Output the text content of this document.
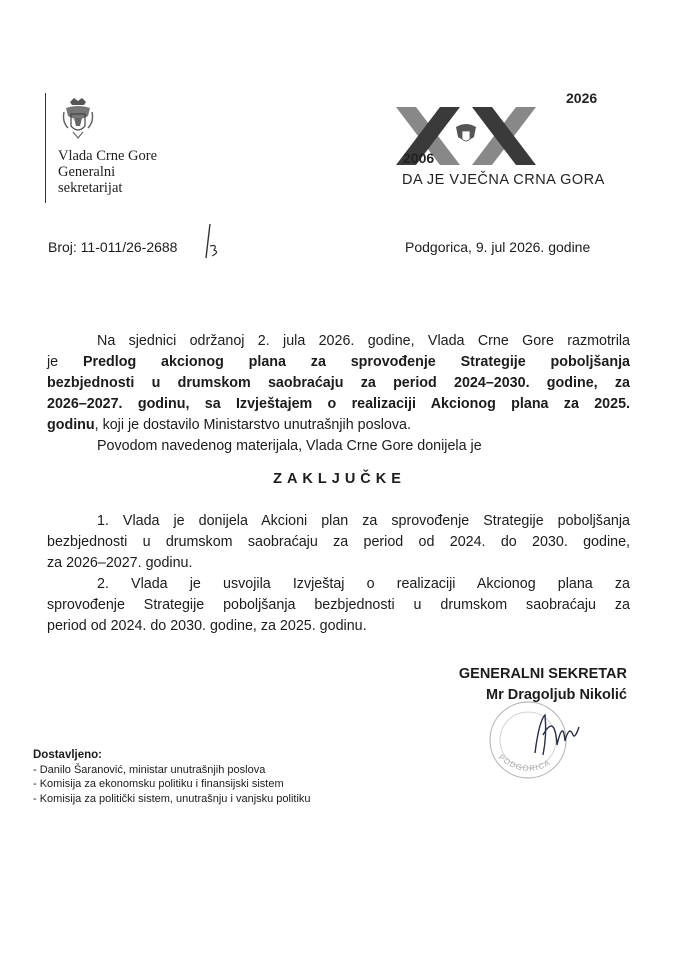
Vlada Crne Gore
Generalni
sekretarijat
2026
2006
DA JE VJEČNA CRNA GORA
Broj: 11-011/26-2688	Podgorica, 9. jul 2026. godine
Na sjednici održanoj 2. jula 2026. godine, Vlada Crne Gore razmotrila
je Predlog akcionog plana za sprovođenje Strategije poboljšanja
bezbjednosti u drumskom saobraćaju za period 2024–2030. godine, za
2026–2027. godinu, sa Izvještajem o realizaciji Akcionog plana za 2025.
godinu, koji je dostavilo Ministarstvo unutrašnjih poslova.
Povodom navedenog materijala, Vlada Crne Gore donijela je
ZAKLJUČKE
1. Vlada je donijela Akcioni plan za sprovođenje Strategije poboljšanja
bezbjednosti u drumskom saobraćaju za period od 2024. do 2030. godine,
za 2026–2027. godinu.
2. Vlada je usvojila Izvještaj o realizaciji Akcionog plana za
sprovođenje Strategije poboljšanja bezbjednosti u drumskom saobraćaju za
period od 2024. do 2030. godine, za 2025. godinu.
PODGORICA
GENERALNI SEKRETAR
Mr Dragoljub Nikolić
Dostavljeno:
- Danilo Šaranović, ministar unutrašnjih poslova
- Komisija za ekonomsku politiku i finansijski sistem
- Komisija za politički sistem, unutrašnju i vanjsku politiku
